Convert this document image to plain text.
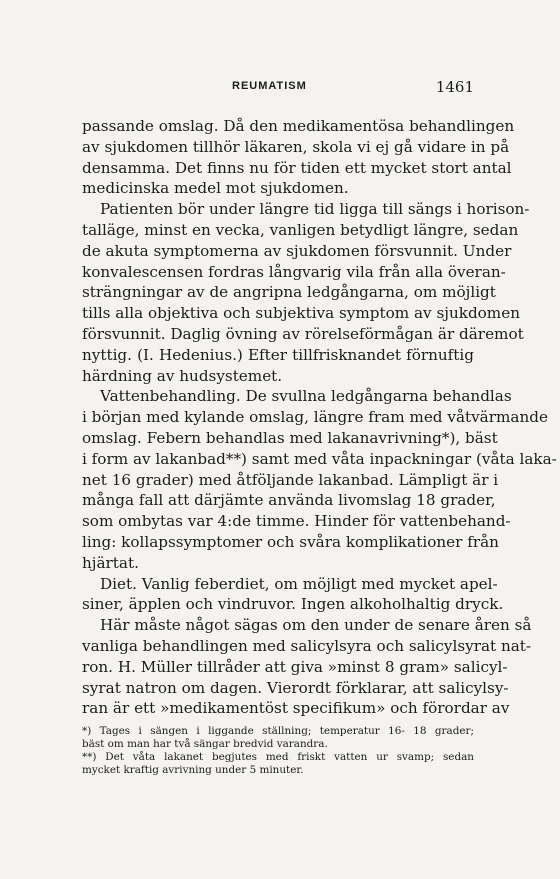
REUMATISM	1461
passande omslag. Då den medikamentösa behandlingen
av sjukdomen tillhör läkaren, skola vi ej gå vidare in på
densamma. Det finns nu för tiden ett mycket stort antal
medicinska medel mot sjukdomen.
Patienten bör under längre tid ligga till sängs i horison-
talläge, minst en vecka, vanligen betydligt längre, sedan
de akuta symptomerna av sjukdomen försvunnit. Under
konvalescensen fordras långvarig vila från alla överan-
strängningar av de angripna ledgångarna, om möjligt
tills alla objektiva och subjektiva symptom av sjukdomen
försvunnit. Daglig övning av rörelseförmågan är däremot
nyttig. (I. Hedenius.) Efter tillfrisknandet förnuftig
härdning av hudsystemet.
Vattenbehandling. De svullna ledgångarna behandlas
i början med kylande omslag, längre fram med våtvärmande
omslag. Febern behandlas med lakanavrivning*), bäst
i form av lakanbad**) samt med våta inpackningar (våta laka-
net 16 grader) med åtföljande lakanbad. Lämpligt är i
många fall att därjämte använda livomslag 18 grader,
som ombytas var 4:de timme. Hinder för vattenbehand-
ling: kollapssymptomer och svåra komplikationer från
hjärtat.
Diet. Vanlig feberdiet, om möjligt med mycket apel-
siner, äpplen och vindruvor. Ingen alkoholhaltig dryck.
Här måste något sägas om den under de senare åren så
vanliga behandlingen med salicylsyra och salicylsyrat nat-
ron. H. Müller tillråder att giva »minst 8 gram» salicyl-
syrat natron om dagen. Vierordt förklarar, att salicylsy-
ran är ett »medikamentöst specifikum» och förordar av
*) Tages i sängen i liggande ställning; temperatur 16- 18 grader;
bäst om man har två sängar bredvid varandra.
**) Det våta lakanet begjutes med friskt vatten ur svamp; sedan
mycket kraftig avrivning under 5 minuter.
